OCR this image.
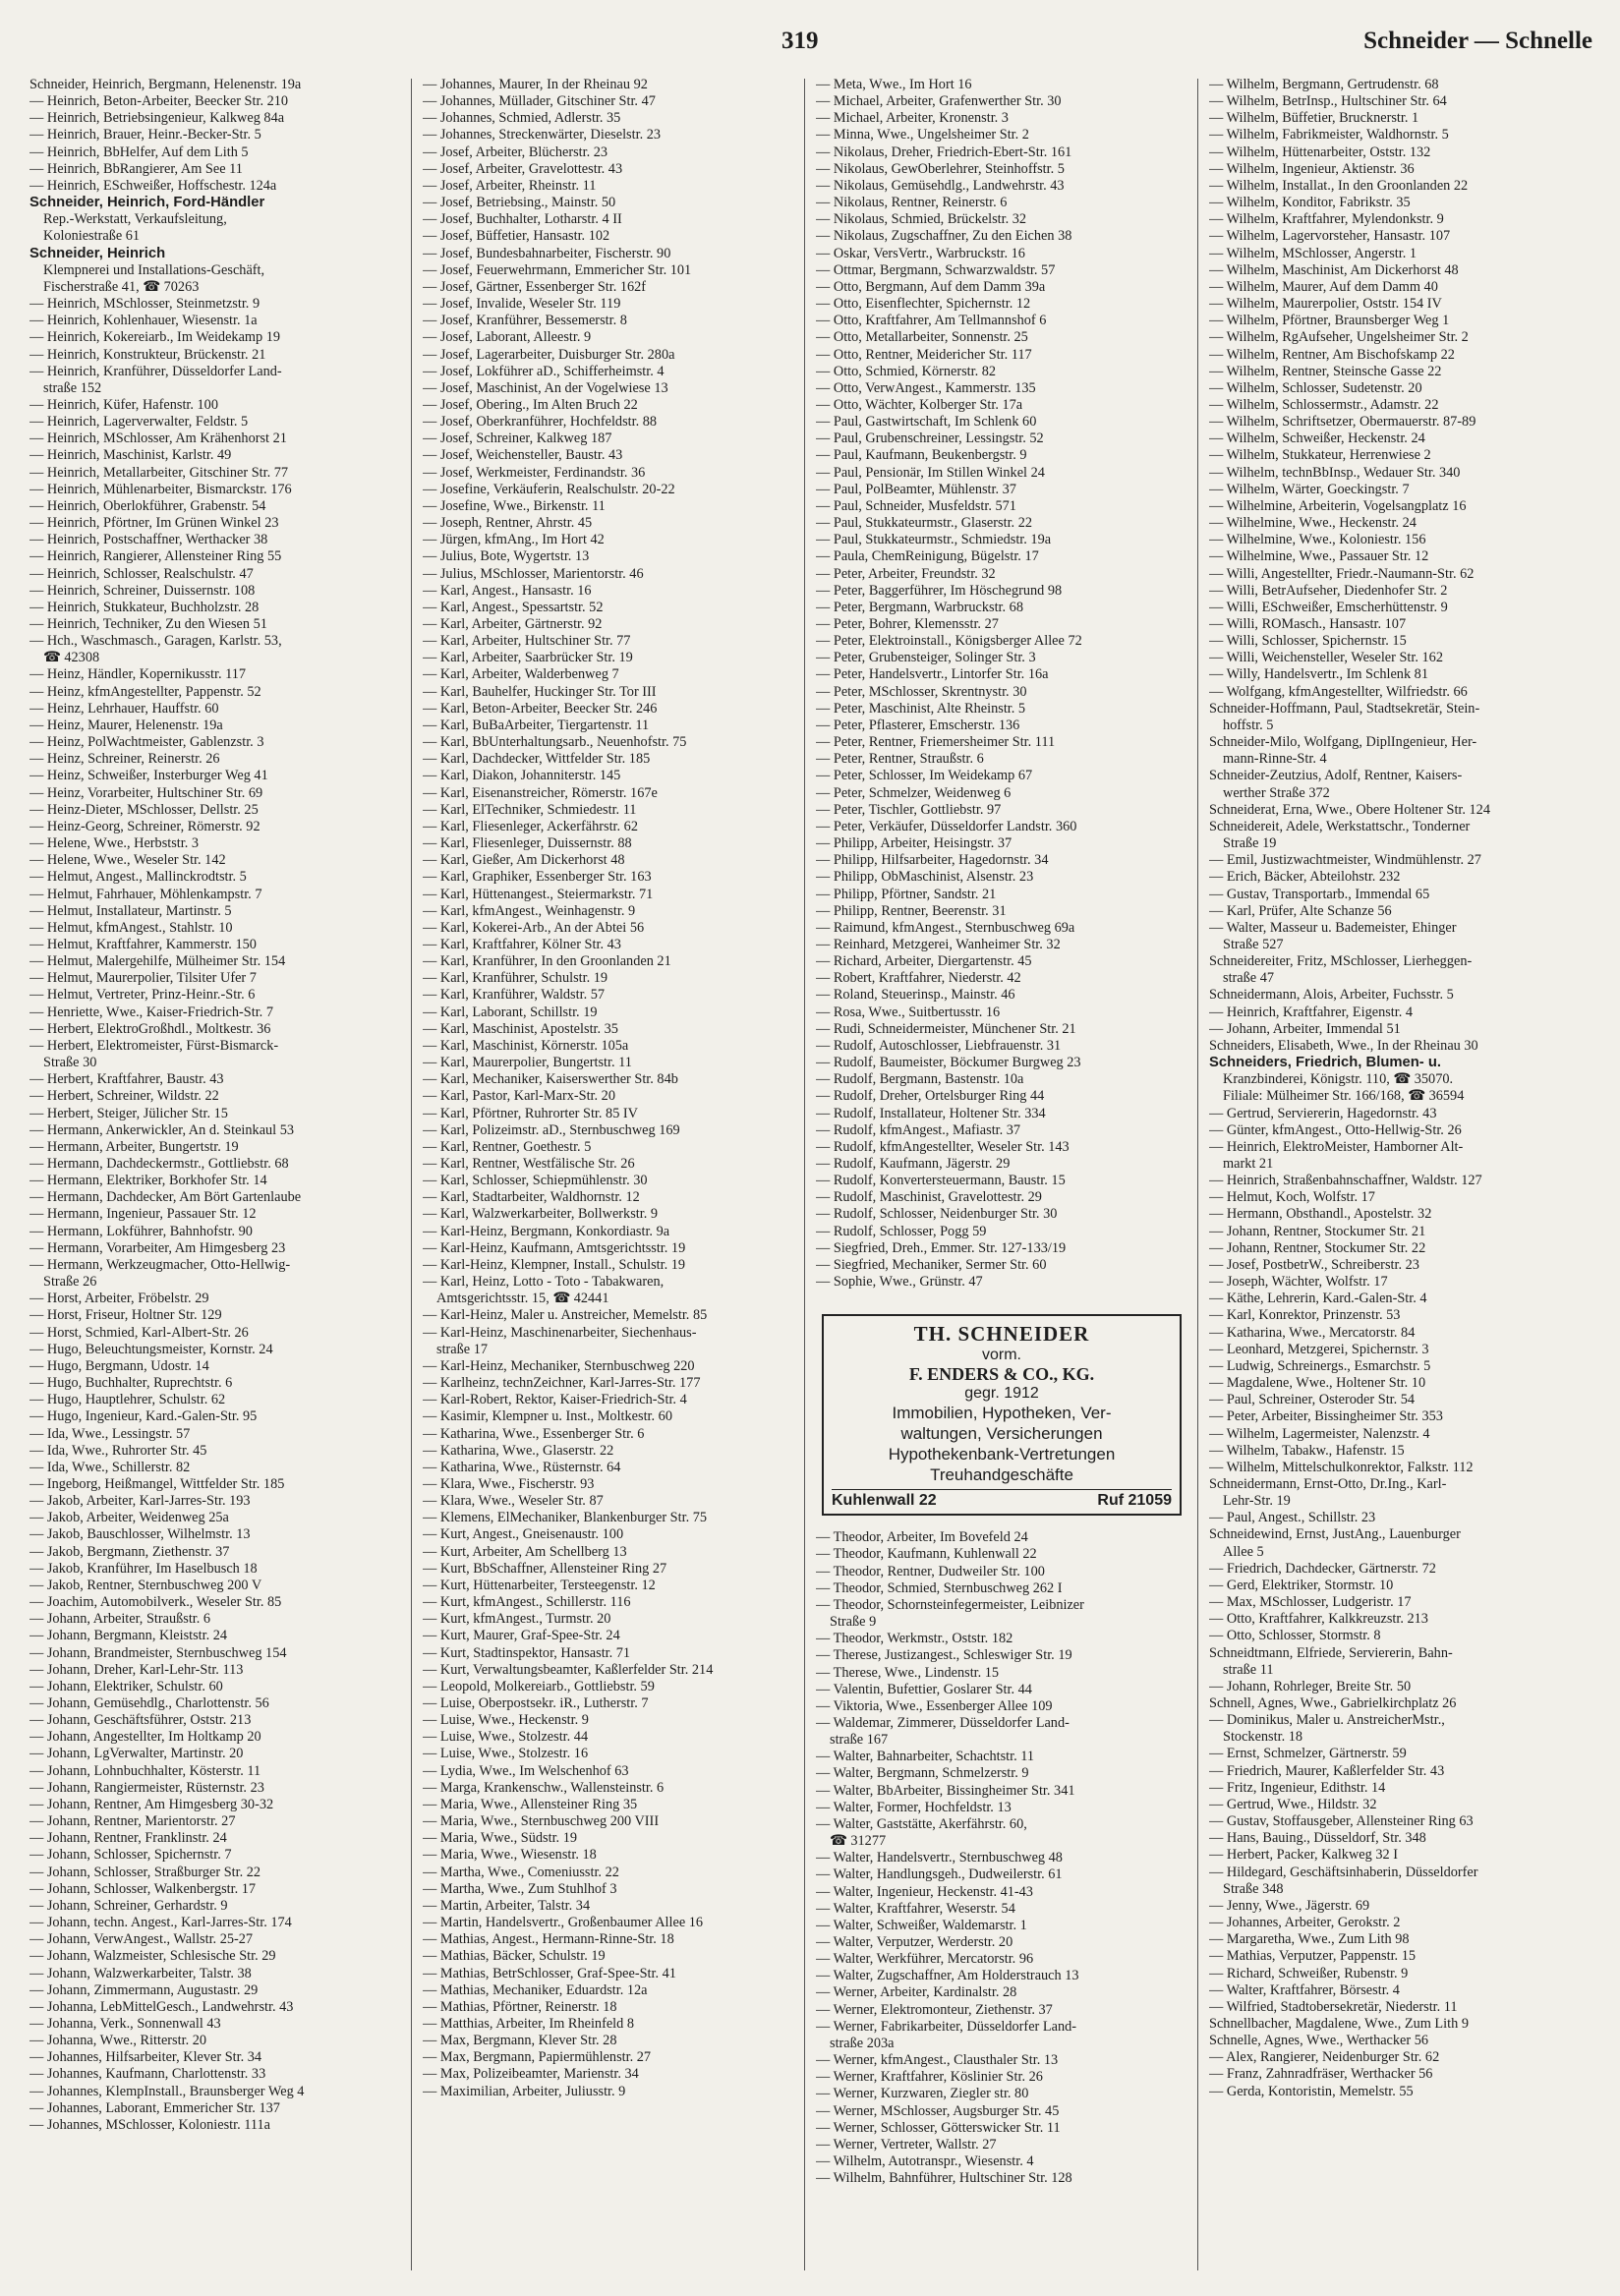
319	Schneider — Schnelle
Schneider, Heinrich, Bergmann, Helenenstr. 19a
— Heinrich, Beton-Arbeiter, Beecker Str. 210
— Heinrich, Betriebsingenieur, Kalkweg 84a
— Heinrich, Brauer, Heinr.-Becker-Str. 5
— Heinrich, BbHelfer, Auf dem Lith 5
— Heinrich, BbRangierer, Am See 11
— Heinrich, ESchweißer, Hoffschestr. 124a
Schneider, Heinrich, Ford-Händler
Rep.-Werkstatt, Verkaufsleitung,
Koloniestraße 61
Schneider, Heinrich
Klempnerei und Installations-Geschäft,
Fischerstraße 41, ☎ 70263
— Heinrich, MSchlosser, Steinmetzstr. 9
— Heinrich, Kohlenhauer, Wiesenstr. 1a
— Heinrich, Kokereiarb., Im Weidekamp 19
— Heinrich, Konstrukteur, Brückenstr. 21
— Heinrich, Kranführer, Düsseldorfer Land-
straße 152
— Heinrich, Küfer, Hafenstr. 100
— Heinrich, Lagerverwalter, Feldstr. 5
— Heinrich, MSchlosser, Am Krähenhorst 21
— Heinrich, Maschinist, Karlstr. 49
— Heinrich, Metallarbeiter, Gitschiner Str. 77
— Heinrich, Mühlenarbeiter, Bismarckstr. 176
— Heinrich, Oberlokführer, Grabenstr. 54
— Heinrich, Pförtner, Im Grünen Winkel 23
— Heinrich, Postschaffner, Werthacker 38
— Heinrich, Rangierer, Allensteiner Ring 55
— Heinrich, Schlosser, Realschulstr. 47
— Heinrich, Schreiner, Duissernstr. 108
— Heinrich, Stukkateur, Buchholzstr. 28
— Heinrich, Techniker, Zu den Wiesen 51
— Hch., Waschmasch., Garagen, Karlstr. 53,
☎ 42308
— Heinz, Händler, Kopernikusstr. 117
— Heinz, kfmAngestellter, Pappenstr. 52
— Heinz, Lehrhauer, Hauffstr. 60
— Heinz, Maurer, Helenenstr. 19a
— Heinz, PolWachtmeister, Gablenzstr. 3
— Heinz, Schreiner, Reinerstr. 26
— Heinz, Schweißer, Insterburger Weg 41
— Heinz, Vorarbeiter, Hultschiner Str. 69
— Heinz-Dieter, MSchlosser, Dellstr. 25
— Heinz-Georg, Schreiner, Römerstr. 92
— Helene, Wwe., Herbststr. 3
— Helene, Wwe., Weseler Str. 142
— Helmut, Angest., Mallinckrodtstr. 5
— Helmut, Fahrhauer, Möhlenkampstr. 7
— Helmut, Installateur, Martinstr. 5
— Helmut, kfmAngest., Stahlstr. 10
— Helmut, Kraftfahrer, Kammerstr. 150
— Helmut, Malergehilfe, Mülheimer Str. 154
— Helmut, Maurerpolier, Tilsiter Ufer 7
— Helmut, Vertreter, Prinz-Heinr.-Str. 6
— Henriette, Wwe., Kaiser-Friedrich-Str. 7
— Herbert, ElektroGroßhdl., Moltkestr. 36
— Herbert, Elektromeister, Fürst-Bismarck-
Straße 30
— Herbert, Kraftfahrer, Baustr. 43
— Herbert, Schreiner, Wildstr. 22
— Herbert, Steiger, Jülicher Str. 15
— Hermann, Ankerwickler, An d. Steinkaul 53
— Hermann, Arbeiter, Bungertstr. 19
— Hermann, Dachdeckermstr., Gottliebstr. 68
— Hermann, Elektriker, Borkhofer Str. 14
— Hermann, Dachdecker, Am Bört Gartenlaube
— Hermann, Ingenieur, Passauer Str. 12
— Hermann, Lokführer, Bahnhofstr. 90
— Hermann, Vorarbeiter, Am Himgesberg 23
— Hermann, Werkzeugmacher, Otto-Hellwig-
Straße 26
— Horst, Arbeiter, Fröbelstr. 29
— Horst, Friseur, Holtner Str. 129
— Horst, Schmied, Karl-Albert-Str. 26
— Hugo, Beleuchtungsmeister, Kornstr. 24
— Hugo, Bergmann, Udostr. 14
— Hugo, Buchhalter, Ruprechtstr. 6
— Hugo, Hauptlehrer, Schulstr. 62
— Hugo, Ingenieur, Kard.-Galen-Str. 95
— Ida, Wwe., Lessingstr. 57
— Ida, Wwe., Ruhrorter Str. 45
— Ida, Wwe., Schillerstr. 82
— Ingeborg, Heißmangel, Wittfelder Str. 185
— Jakob, Arbeiter, Karl-Jarres-Str. 193
— Jakob, Arbeiter, Weidenweg 25a
— Jakob, Bauschlosser, Wilhelmstr. 13
— Jakob, Bergmann, Ziethenstr. 37
— Jakob, Kranführer, Im Haselbusch 18
— Jakob, Rentner, Sternbuschweg 200 V
— Joachim, Automobilverk., Weseler Str. 85
— Johann, Arbeiter, Straußstr. 6
— Johann, Bergmann, Kleiststr. 24
— Johann, Brandmeister, Sternbuschweg 154
— Johann, Dreher, Karl-Lehr-Str. 113
— Johann, Elektriker, Schulstr. 60
— Johann, Gemüsehdlg., Charlottenstr. 56
— Johann, Geschäftsführer, Oststr. 213
— Johann, Angestellter, Im Holtkamp 20
— Johann, LgVerwalter, Martinstr. 20
— Johann, Lohnbuchhalter, Kösterstr. 11
— Johann, Rangiermeister, Rüsternstr. 23
— Johann, Rentner, Am Himgesberg 30-32
— Johann, Rentner, Marientorstr. 27
— Johann, Rentner, Franklinstr. 24
— Johann, Schlosser, Spichernstr. 7
— Johann, Schlosser, Straßburger Str. 22
— Johann, Schlosser, Walkenbergstr. 17
— Johann, Schreiner, Gerhardstr. 9
— Johann, techn. Angest., Karl-Jarres-Str. 174
— Johann, VerwAngest., Wallstr. 25-27
— Johann, Walzmeister, Schlesische Str. 29
— Johann, Walzwerkarbeiter, Talstr. 38
— Johann, Zimmermann, Augustastr. 29
— Johanna, LebMittelGesch., Landwehrstr. 43
— Johanna, Verk., Sonnenwall 43
— Johanna, Wwe., Ritterstr. 20
— Johannes, Hilfsarbeiter, Klever Str. 34
— Johannes, Kaufmann, Charlottenstr. 33
— Johannes, KlempInstall., Braunsberger Weg 4
— Johannes, Laborant, Emmericher Str. 137
— Johannes, MSchlosser, Koloniestr. 111a
— Johannes, Maurer, In der Rheinau 92
— Johannes, Müllader, Gitschiner Str. 47
— Johannes, Schmied, Adlerstr. 35
— Johannes, Streckenwärter, Dieselstr. 23
— Josef, Arbeiter, Blücherstr. 23
— Josef, Arbeiter, Gravelottestr. 43
— Josef, Arbeiter, Rheinstr. 11
— Josef, Betriebsing., Mainstr. 50
— Josef, Buchhalter, Lotharstr. 4 II
— Josef, Büffetier, Hansastr. 102
— Josef, Bundesbahnarbeiter, Fischerstr. 90
— Josef, Feuerwehrmann, Emmericher Str. 101
— Josef, Gärtner, Essenberger Str. 162f
— Josef, Invalide, Weseler Str. 119
— Josef, Kranführer, Bessemerstr. 8
— Josef, Laborant, Alleestr. 9
— Josef, Lagerarbeiter, Duisburger Str. 280a
— Josef, Lokführer aD., Schifferheimstr. 4
— Josef, Maschinist, An der Vogelwiese 13
— Josef, Obering., Im Alten Bruch 22
— Josef, Oberkranführer, Hochfeldstr. 88
— Josef, Schreiner, Kalkweg 187
— Josef, Weichensteller, Baustr. 43
— Josef, Werkmeister, Ferdinandstr. 36
— Josefine, Verkäuferin, Realschulstr. 20-22
— Josefine, Wwe., Birkenstr. 11
— Joseph, Rentner, Ahrstr. 45
— Jürgen, kfmAng., Im Hort 42
— Julius, Bote, Wygertstr. 13
— Julius, MSchlosser, Marientorstr. 46
— Karl, Angest., Hansastr. 16
— Karl, Angest., Spessartstr. 52
— Karl, Arbeiter, Gärtnerstr. 92
— Karl, Arbeiter, Hultschiner Str. 77
— Karl, Arbeiter, Saarbrücker Str. 19
— Karl, Arbeiter, Walderbenweg 7
— Karl, Bauhelfer, Huckinger Str. Tor III
— Karl, Beton-Arbeiter, Beecker Str. 246
— Karl, BuBaArbeiter, Tiergartenstr. 11
— Karl, BbUnterhaltungsarb., Neuenhofstr. 75
— Karl, Dachdecker, Wittfelder Str. 185
— Karl, Diakon, Johanniterstr. 145
— Karl, Eisenanstreicher, Römerstr. 167e
— Karl, ElTechniker, Schmiedestr. 11
— Karl, Fliesenleger, Ackerfährstr. 62
— Karl, Fliesenleger, Duissernstr. 88
— Karl, Gießer, Am Dickerhorst 48
— Karl, Graphiker, Essenberger Str. 163
— Karl, Hüttenangest., Steiermarkstr. 71
— Karl, kfmAngest., Weinhagenstr. 9
— Karl, Kokerei-Arb., An der Abtei 56
— Karl, Kraftfahrer, Kölner Str. 43
— Karl, Kranführer, In den Groonlanden 21
— Karl, Kranführer, Schulstr. 19
— Karl, Kranführer, Waldstr. 57
— Karl, Laborant, Schillstr. 19
— Karl, Maschinist, Apostelstr. 35
— Karl, Maschinist, Körnerstr. 105a
— Karl, Maurerpolier, Bungertstr. 11
— Karl, Mechaniker, Kaiserswerther Str. 84b
— Karl, Pastor, Karl-Marx-Str. 20
— Karl, Pförtner, Ruhrorter Str. 85 IV
— Karl, Polizeimstr. aD., Sternbuschweg 169
— Karl, Rentner, Goethestr. 5
— Karl, Rentner, Westfälische Str. 26
— Karl, Schlosser, Schiepmühlenstr. 30
— Karl, Stadtarbeiter, Waldhornstr. 12
— Karl, Walzwerkarbeiter, Bollwerkstr. 9
— Karl-Heinz, Bergmann, Konkordiastr. 9a
— Karl-Heinz, Kaufmann, Amtsgerichtsstr. 19
— Karl-Heinz, Klempner, Install., Schulstr. 19
— Karl, Heinz, Lotto - Toto - Tabakwaren,
Amtsgerichtsstr. 15, ☎ 42441
— Karl-Heinz, Maler u. Anstreicher, Memelstr. 85
— Karl-Heinz, Maschinenarbeiter, Siechenhaus-
straße 17
— Karl-Heinz, Mechaniker, Sternbuschweg 220
— Karlheinz, technZeichner, Karl-Jarres-Str. 177
— Karl-Robert, Rektor, Kaiser-Friedrich-Str. 4
— Kasimir, Klempner u. Inst., Moltkestr. 60
— Katharina, Wwe., Essenberger Str. 6
— Katharina, Wwe., Glaserstr. 22
— Katharina, Wwe., Rüsternstr. 64
— Klara, Wwe., Fischerstr. 93
— Klara, Wwe., Weseler Str. 87
— Klemens, ElMechaniker, Blankenburger Str. 75
— Kurt, Angest., Gneisenaustr. 100
— Kurt, Arbeiter, Am Schellberg 13
— Kurt, BbSchaffner, Allensteiner Ring 27
— Kurt, Hüttenarbeiter, Tersteegenstr. 12
— Kurt, kfmAngest., Schillerstr. 116
— Kurt, kfmAngest., Turmstr. 20
— Kurt, Maurer, Graf-Spee-Str. 24
— Kurt, Stadtinspektor, Hansastr. 71
— Kurt, Verwaltungsbeamter, Kaßlerfelder Str. 214
— Leopold, Molkereiarb., Gottliebstr. 59
— Luise, Oberpostsekr. iR., Lutherstr. 7
— Luise, Wwe., Heckenstr. 9
— Luise, Wwe., Stolzestr. 44
— Luise, Wwe., Stolzestr. 16
— Lydia, Wwe., Im Welschenhof 63
— Marga, Krankenschw., Wallensteinstr. 6
— Maria, Wwe., Allensteiner Ring 35
— Maria, Wwe., Sternbuschweg 200 VIII
— Maria, Wwe., Südstr. 19
— Maria, Wwe., Wiesenstr. 18
— Martha, Wwe., Comeniusstr. 22
— Martha, Wwe., Zum Stuhlhof 3
— Martin, Arbeiter, Talstr. 34
— Martin, Handelsvertr., Großenbaumer Allee 16
— Mathias, Angest., Hermann-Rinne-Str. 18
— Mathias, Bäcker, Schulstr. 19
— Mathias, BetrSchlosser, Graf-Spee-Str. 41
— Mathias, Mechaniker, Eduardstr. 12a
— Mathias, Pförtner, Reinerstr. 18
— Matthias, Arbeiter, Im Rheinfeld 8
— Max, Bergmann, Klever Str. 28
— Max, Bergmann, Papiermühlenstr. 27
— Max, Polizeibeamter, Marienstr. 34
— Maximilian, Arbeiter, Juliusstr. 9
— Meta, Wwe., Im Hort 16
— Michael, Arbeiter, Grafenwerther Str. 30
— Michael, Arbeiter, Kronenstr. 3
— Minna, Wwe., Ungelsheimer Str. 2
— Nikolaus, Dreher, Friedrich-Ebert-Str. 161
— Nikolaus, GewOberlehrer, Steinhoffstr. 5
— Nikolaus, Gemüsehdlg., Landwehrstr. 43
— Nikolaus, Rentner, Reinerstr. 6
— Nikolaus, Schmied, Brückelstr. 32
— Nikolaus, Zugschaffner, Zu den Eichen 38
— Oskar, VersVertr., Warbruckstr. 16
— Ottmar, Bergmann, Schwarzwaldstr. 57
— Otto, Bergmann, Auf dem Damm 39a
— Otto, Eisenflechter, Spichernstr. 12
— Otto, Kraftfahrer, Am Tellmannshof 6
— Otto, Metallarbeiter, Sonnenstr. 25
— Otto, Rentner, Meidericher Str. 117
— Otto, Schmied, Körnerstr. 82
— Otto, VerwAngest., Kammerstr. 135
— Otto, Wächter, Kolberger Str. 17a
— Paul, Gastwirtschaft, Im Schlenk 60
— Paul, Grubenschreiner, Lessingstr. 52
— Paul, Kaufmann, Beukenbergstr. 9
— Paul, Pensionär, Im Stillen Winkel 24
— Paul, PolBeamter, Mühlenstr. 37
— Paul, Schneider, Musfeldstr. 571
— Paul, Stukkateurmstr., Glaserstr. 22
— Paul, Stukkateurmstr., Schmiedstr. 19a
— Paula, ChemReinigung, Bügelstr. 17
— Peter, Arbeiter, Freundstr. 32
— Peter, Baggerführer, Im Höschegrund 98
— Peter, Bergmann, Warbruckstr. 68
— Peter, Bohrer, Klemensstr. 27
— Peter, Elektroinstall., Königsberger Allee 72
— Peter, Grubensteiger, Solinger Str. 3
— Peter, Handelsvertr., Lintorfer Str. 16a
— Peter, MSchlosser, Skrentnystr. 30
— Peter, Maschinist, Alte Rheinstr. 5
— Peter, Pflasterer, Emscherstr. 136
— Peter, Rentner, Friemersheimer Str. 111
— Peter, Rentner, Straußstr. 6
— Peter, Schlosser, Im Weidekamp 67
— Peter, Schmelzer, Weidenweg 6
— Peter, Tischler, Gottliebstr. 97
— Peter, Verkäufer, Düsseldorfer Landstr. 360
— Philipp, Arbeiter, Heisingstr. 37
— Philipp, Hilfsarbeiter, Hagedornstr. 34
— Philipp, ObMaschinist, Alsenstr. 23
— Philipp, Pförtner, Sandstr. 21
— Philipp, Rentner, Beerenstr. 31
— Raimund, kfmAngest., Sternbuschweg 69a
— Reinhard, Metzgerei, Wanheimer Str. 32
— Richard, Arbeiter, Diergartenstr. 45
— Robert, Kraftfahrer, Niederstr. 42
— Roland, Steuerinsp., Mainstr. 46
— Rosa, Wwe., Suitbertusstr. 16
— Rudi, Schneidermeister, Münchener Str. 21
— Rudolf, Autoschlosser, Liebfrauenstr. 31
— Rudolf, Baumeister, Böckumer Burgweg 23
— Rudolf, Bergmann, Bastenstr. 10a
— Rudolf, Dreher, Ortelsburger Ring 44
— Rudolf, Installateur, Holtener Str. 334
— Rudolf, kfmAngest., Mafiastr. 37
— Rudolf, kfmAngestellter, Weseler Str. 143
— Rudolf, Kaufmann, Jägerstr. 29
— Rudolf, Konvertersteuermann, Baustr. 15
— Rudolf, Maschinist, Gravelottestr. 29
— Rudolf, Schlosser, Neidenburger Str. 30
— Rudolf, Schlosser, Pogg 59
— Siegfried, Dreh., Emmer. Str. 127-133/19
— Siegfried, Mechaniker, Sermer Str. 60
— Sophie, Wwe., Grünstr. 47
TH. SCHNEIDER
vorm.
F. ENDERS & CO., KG.
gegr. 1912
Immobilien, Hypotheken, Ver-
waltungen, Versicherungen
Hypothekenbank-Vertretungen
Treuhandgeschäfte
Kuhlenwall 22	Ruf 21059
— Theodor, Arbeiter, Im Bovefeld 24
— Theodor, Kaufmann, Kuhlenwall 22
— Theodor, Rentner, Dudweiler Str. 100
— Theodor, Schmied, Sternbuschweg 262 I
— Theodor, Schornsteinfegermeister, Leibnizer
Straße 9
— Theodor, Werkmstr., Oststr. 182
— Therese, Justizangest., Schleswiger Str. 19
— Therese, Wwe., Lindenstr. 15
— Valentin, Bufettier, Goslarer Str. 44
— Viktoria, Wwe., Essenberger Allee 109
— Waldemar, Zimmerer, Düsseldorfer Land-
straße 167
— Walter, Bahnarbeiter, Schachtstr. 11
— Walter, Bergmann, Schmelzerstr. 9
— Walter, BbArbeiter, Bissingheimer Str. 341
— Walter, Former, Hochfeldstr. 13
— Walter, Gaststätte, Akerfährstr. 60,
☎ 31277
— Walter, Handelsvertr., Sternbuschweg 48
— Walter, Handlungsgeh., Dudweilerstr. 61
— Walter, Ingenieur, Heckenstr. 41-43
— Walter, Kraftfahrer, Weserstr. 54
— Walter, Schweißer, Waldemarstr. 1
— Walter, Verputzer, Werderstr. 20
— Walter, Werkführer, Mercatorstr. 96
— Walter, Zugschaffner, Am Holderstrauch 13
— Werner, Arbeiter, Kardinalstr. 28
— Werner, Elektromonteur, Ziethenstr. 37
— Werner, Fabrikarbeiter, Düsseldorfer Land-
straße 203a
— Werner, kfmAngest., Clausthaler Str. 13
— Werner, Kraftfahrer, Köslinier Str. 26
— Werner, Kurzwaren, Ziegler str. 80
— Werner, MSchlosser, Augsburger Str. 45
— Werner, Schlosser, Götterswicker Str. 11
— Werner, Vertreter, Wallstr. 27
— Wilhelm, Autotranspr., Wiesenstr. 4
— Wilhelm, Bahnführer, Hultschiner Str. 128
— Wilhelm, Bergmann, Gertrudenstr. 68
— Wilhelm, BetrInsp., Hultschiner Str. 64
— Wilhelm, Büffetier, Brucknerstr. 1
— Wilhelm, Fabrikmeister, Waldhornstr. 5
— Wilhelm, Hüttenarbeiter, Oststr. 132
— Wilhelm, Ingenieur, Aktienstr. 36
— Wilhelm, Installat., In den Groonlanden 22
— Wilhelm, Konditor, Fabrikstr. 35
— Wilhelm, Kraftfahrer, Mylendonkstr. 9
— Wilhelm, Lagervorsteher, Hansastr. 107
— Wilhelm, MSchlosser, Angerstr. 1
— Wilhelm, Maschinist, Am Dickerhorst 48
— Wilhelm, Maurer, Auf dem Damm 40
— Wilhelm, Maurerpolier, Oststr. 154 IV
— Wilhelm, Pförtner, Braunsberger Weg 1
— Wilhelm, RgAufseher, Ungelsheimer Str. 2
— Wilhelm, Rentner, Am Bischofskamp 22
— Wilhelm, Rentner, Steinsche Gasse 22
— Wilhelm, Schlosser, Sudetenstr. 20
— Wilhelm, Schlossermstr., Adamstr. 22
— Wilhelm, Schriftsetzer, Obermauerstr. 87-89
— Wilhelm, Schweißer, Heckenstr. 24
— Wilhelm, Stukkateur, Herrenwiese 2
— Wilhelm, technBbInsp., Wedauer Str. 340
— Wilhelm, Wärter, Goeckingstr. 7
— Wilhelmine, Arbeiterin, Vogelsangplatz 16
— Wilhelmine, Wwe., Heckenstr. 24
— Wilhelmine, Wwe., Koloniestr. 156
— Wilhelmine, Wwe., Passauer Str. 12
— Willi, Angestellter, Friedr.-Naumann-Str. 62
— Willi, BetrAufseher, Diedenhofer Str. 2
— Willi, ESchweißer, Emscherhüttenstr. 9
— Willi, ROMasch., Hansastr. 107
— Willi, Schlosser, Spichernstr. 15
— Willi, Weichensteller, Weseler Str. 162
— Willy, Handelsvertr., Im Schlenk 81
— Wolfgang, kfmAngestellter, Wilfriedstr. 66
Schneider-Hoffmann, Paul, Stadtsekretär, Stein-
hoffstr. 5
Schneider-Milo, Wolfgang, DiplIngenieur, Her-
mann-Rinne-Str. 4
Schneider-Zeutzius, Adolf, Rentner, Kaisers-
werther Straße 372
Schneiderat, Erna, Wwe., Obere Holtener Str. 124
Schneidereit, Adele, Werkstattschr., Tonderner
Straße 19
— Emil, Justizwachtmeister, Windmühlenstr. 27
— Erich, Bäcker, Abteilohstr. 232
— Gustav, Transportarb., Immendal 65
— Karl, Prüfer, Alte Schanze 56
— Walter, Masseur u. Bademeister, Ehinger
Straße 527
Schneidereiter, Fritz, MSchlosser, Lierheggen-
straße 47
Schneidermann, Alois, Arbeiter, Fuchsstr. 5
— Heinrich, Kraftfahrer, Eigenstr. 4
— Johann, Arbeiter, Immendal 51
Schneiders, Elisabeth, Wwe., In der Rheinau 30
Schneiders, Friedrich, Blumen- u.
Kranzbinderei, Königstr. 110, ☎ 35070.
Filiale: Mülheimer Str. 166/168, ☎ 36594
— Gertrud, Serviererin, Hagedornstr. 43
— Günter, kfmAngest., Otto-Hellwig-Str. 26
— Heinrich, ElektroMeister, Hamborner Alt-
markt 21
— Heinrich, Straßenbahnschaffner, Waldstr. 127
— Helmut, Koch, Wolfstr. 17
— Hermann, Obsthandl., Apostelstr. 32
— Johann, Rentner, Stockumer Str. 21
— Johann, Rentner, Stockumer Str. 22
— Josef, PostbetrW., Schreiberstr. 23
— Joseph, Wächter, Wolfstr. 17
— Käthe, Lehrerin, Kard.-Galen-Str. 4
— Karl, Konrektor, Prinzenstr. 53
— Katharina, Wwe., Mercatorstr. 84
— Leonhard, Metzgerei, Spichernstr. 3
— Ludwig, Schreinergs., Esmarchstr. 5
— Magdalene, Wwe., Holtener Str. 10
— Paul, Schreiner, Osteroder Str. 54
— Peter, Arbeiter, Bissingheimer Str. 353
— Wilhelm, Lagermeister, Nalenzstr. 4
— Wilhelm, Tabakw., Hafenstr. 15
— Wilhelm, Mittelschulkonrektor, Falkstr. 112
Schneidermann, Ernst-Otto, Dr.Ing., Karl-
Lehr-Str. 19
— Paul, Angest., Schillstr. 23
Schneidewind, Ernst, JustAng., Lauenburger
Allee 5
— Friedrich, Dachdecker, Gärtnerstr. 72
— Gerd, Elektriker, Stormstr. 10
— Max, MSchlosser, Ludgeristr. 17
— Otto, Kraftfahrer, Kalkkreuzstr. 213
— Otto, Schlosser, Stormstr. 8
Schneidtmann, Elfriede, Serviererin, Bahn-
straße 11
— Johann, Rohrleger, Breite Str. 50
Schnell, Agnes, Wwe., Gabrielkirchplatz 26
— Dominikus, Maler u. AnstreicherMstr.,
Stockenstr. 18
— Ernst, Schmelzer, Gärtnerstr. 59
— Friedrich, Maurer, Kaßlerfelder Str. 43
— Fritz, Ingenieur, Edithstr. 14
— Gertrud, Wwe., Hildstr. 32
— Gustav, Stoffausgeber, Allensteiner Ring 63
— Hans, Bauing., Düsseldorf, Str. 348
— Herbert, Packer, Kalkweg 32 I
— Hildegard, Geschäftsinhaberin, Düsseldorfer
Straße 348
— Jenny, Wwe., Jägerstr. 69
— Johannes, Arbeiter, Gerokstr. 2
— Margaretha, Wwe., Zum Lith 98
— Mathias, Verputzer, Pappenstr. 15
— Richard, Schweißer, Rubenstr. 9
— Walter, Kraftfahrer, Börsestr. 4
— Wilfried, Stadtobersekretär, Niederstr. 11
Schnellbacher, Magdalene, Wwe., Zum Lith 9
Schnelle, Agnes, Wwe., Werthacker 56
— Alex, Rangierer, Neidenburger Str. 62
— Franz, Zahnradfräser, Werthacker 56
— Gerda, Kontoristin, Memelstr. 55
